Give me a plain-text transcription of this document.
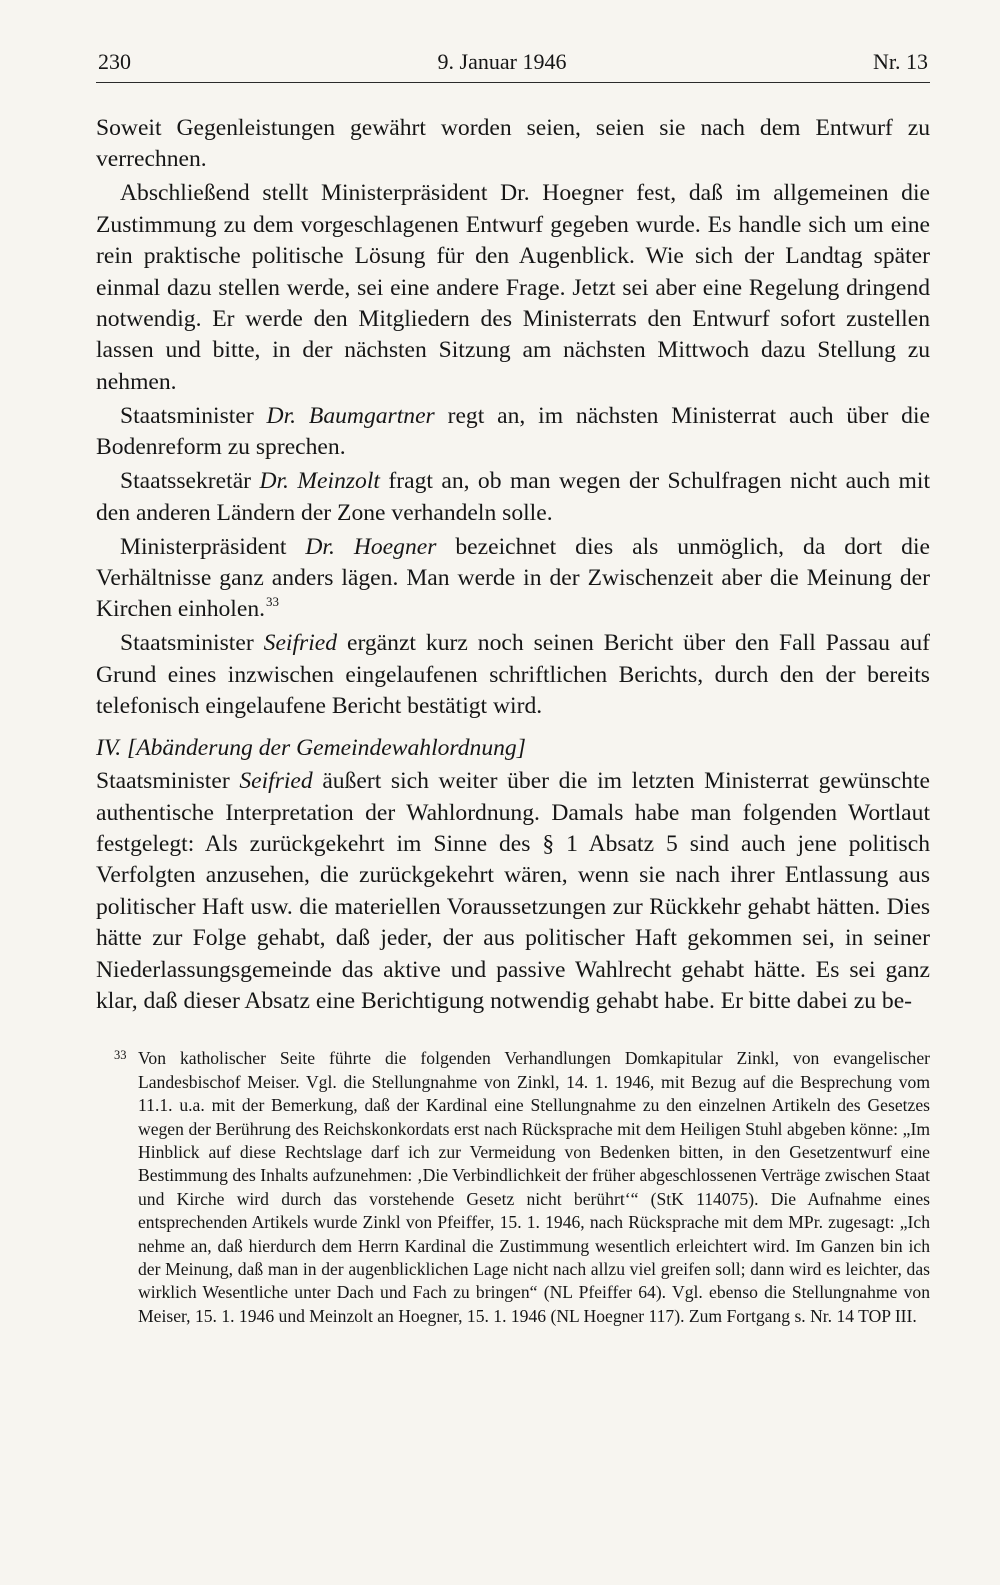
230	9. Januar 1946	Nr. 13

Soweit Gegenleistungen gewährt worden seien, seien sie nach dem Entwurf zu verrechnen.

Abschließend stellt Ministerpräsident Dr. Hoegner fest, daß im allgemeinen die Zustimmung zu dem vorgeschlagenen Entwurf gegeben wurde. Es handle sich um eine rein praktische politische Lösung für den Augenblick. Wie sich der Landtag später einmal dazu stellen werde, sei eine andere Frage. Jetzt sei aber eine Regelung dringend notwendig. Er werde den Mitgliedern des Ministerrats den Entwurf sofort zustellen lassen und bitte, in der nächsten Sitzung am nächsten Mittwoch dazu Stellung zu nehmen.

Staatsminister Dr. Baumgartner regt an, im nächsten Ministerrat auch über die Bodenreform zu sprechen.

Staatssekretär Dr. Meinzolt fragt an, ob man wegen der Schulfragen nicht auch mit den anderen Ländern der Zone verhandeln solle.

Ministerpräsident Dr. Hoegner bezeichnet dies als unmöglich, da dort die Verhältnisse ganz anders lägen. Man werde in der Zwischenzeit aber die Meinung der Kirchen einholen.$^{33}$

Staatsminister Seifried ergänzt kurz noch seinen Bericht über den Fall Passau auf Grund eines inzwischen eingelaufenen schriftlichen Berichts, durch den der bereits telefonisch eingelaufene Bericht bestätigt wird.

IV. [Abänderung der Gemeindewahlordnung]

Staatsminister Seifried äußert sich weiter über die im letzten Ministerrat gewünschte authentische Interpretation der Wahlordnung. Damals habe man folgenden Wortlaut festgelegt: Als zurückgekehrt im Sinne des § 1 Absatz 5 sind auch jene politisch Verfolgten anzusehen, die zurückgekehrt wären, wenn sie nach ihrer Entlassung aus politischer Haft usw. die materiellen Voraussetzungen zur Rückkehr gehabt hätten. Dies hätte zur Folge gehabt, daß jeder, der aus politischer Haft gekommen sei, in seiner Niederlassungsgemeinde das aktive und passive Wahlrecht gehabt hätte. Es sei ganz klar, daß dieser Absatz eine Berichtigung notwendig gehabt habe. Er bitte dabei zu be-

33 Von katholischer Seite führte die folgenden Verhandlungen Domkapitular Zinkl, von evangelischer Landesbischof Meiser. Vgl. die Stellungnahme von Zinkl, 14. 1. 1946, mit Bezug auf die Besprechung vom 11.1. u.a. mit der Bemerkung, daß der Kardinal eine Stellungnahme zu den einzelnen Artikeln des Gesetzes wegen der Berührung des Reichskonkordats erst nach Rücksprache mit dem Heiligen Stuhl abgeben könne: „Im Hinblick auf diese Rechtslage darf ich zur Vermeidung von Bedenken bitten, in den Gesetzentwurf eine Bestimmung des Inhalts aufzunehmen: ‚Die Verbindlichkeit der früher abgeschlossenen Verträge zwischen Staat und Kirche wird durch das vorstehende Gesetz nicht berührt‘“ (StK 114075). Die Aufnahme eines entsprechenden Artikels wurde Zinkl von Pfeiffer, 15. 1. 1946, nach Rücksprache mit dem MPr. zugesagt: „Ich nehme an, daß hierdurch dem Herrn Kardinal die Zustimmung wesentlich erleichtert wird. Im Ganzen bin ich der Meinung, daß man in der augenblicklichen Lage nicht nach allzu viel greifen soll; dann wird es leichter, das wirklich Wesentliche unter Dach und Fach zu bringen“ (NL Pfeiffer 64). Vgl. ebenso die Stellungnahme von Meiser, 15. 1. 1946 und Meinzolt an Hoegner, 15. 1. 1946 (NL Hoegner 117). Zum Fortgang s. Nr. 14 TOP III.
